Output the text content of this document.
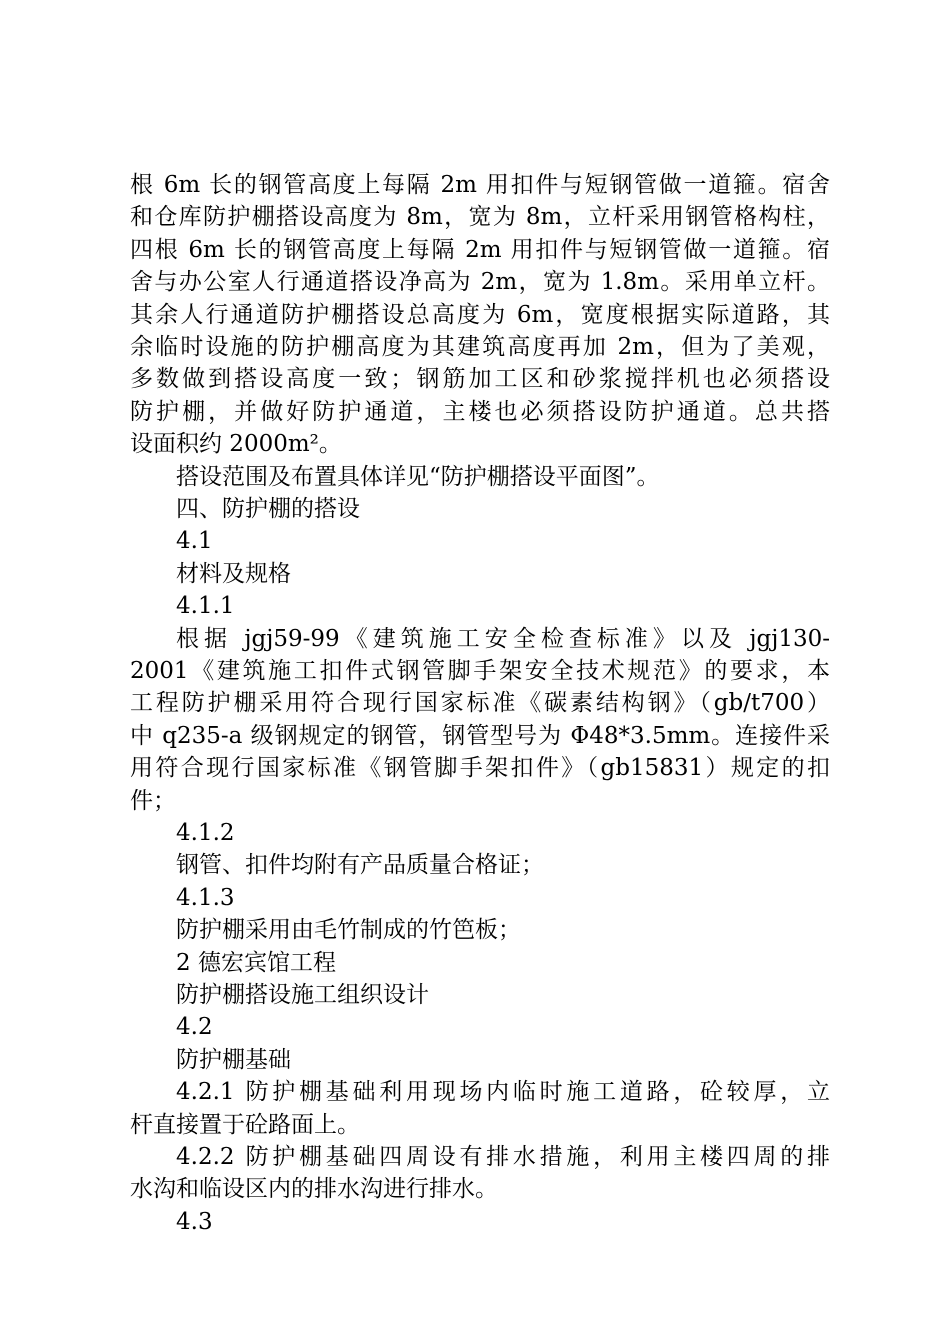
根 6m 长的钢管高度上每隔 2m 用扣件与短钢管做一道箍。宿舍
和仓库防护棚搭设高度为 8m，宽为 8m，立杆采用钢管格构柱，
四根 6m 长的钢管高度上每隔 2m 用扣件与短钢管做一道箍。宿
舍与办公室人行通道搭设净高为 2m，宽为 1.8m。采用单立杆。
其余人行通道防护棚搭设总高度为 6m，宽度根据实际道路，其
余临时设施的防护棚高度为其建筑高度再加 2m，但为了美观，
多数做到搭设高度一致；钢筋加工区和砂浆搅拌机也必须搭设
防护棚，并做好防护通道，主楼也必须搭设防护通道。总共搭
设面积约 2000m²。
搭设范围及布置具体详见“防护棚搭设平面图”。
四、防护棚的搭设
4.1
材料及规格
4.1.1
根据 jgj59-99《建筑施工安全检查标准》以及 jgj130-
2001《建筑施工扣件式钢管脚手架安全技术规范》的要求，本
工程防护棚采用符合现行国家标准《碳素结构钢》（gb/t700）
中 q235-a 级钢规定的钢管，钢管型号为 Φ48*3.5mm。连接件采
用符合现行国家标准《钢管脚手架扣件》（gb15831）规定的扣
件；
4.1.2
钢管、扣件均附有产品质量合格证；
4.1.3
防护棚采用由毛竹制成的竹笆板；
2 德宏宾馆工程
防护棚搭设施工组织设计
4.2
防护棚基础
4.2.1 防护棚基础利用现场内临时施工道路，砼较厚，立
杆直接置于砼路面上。
4.2.2 防护棚基础四周设有排水措施，利用主楼四周的排
水沟和临设区内的排水沟进行排水。
4.3
